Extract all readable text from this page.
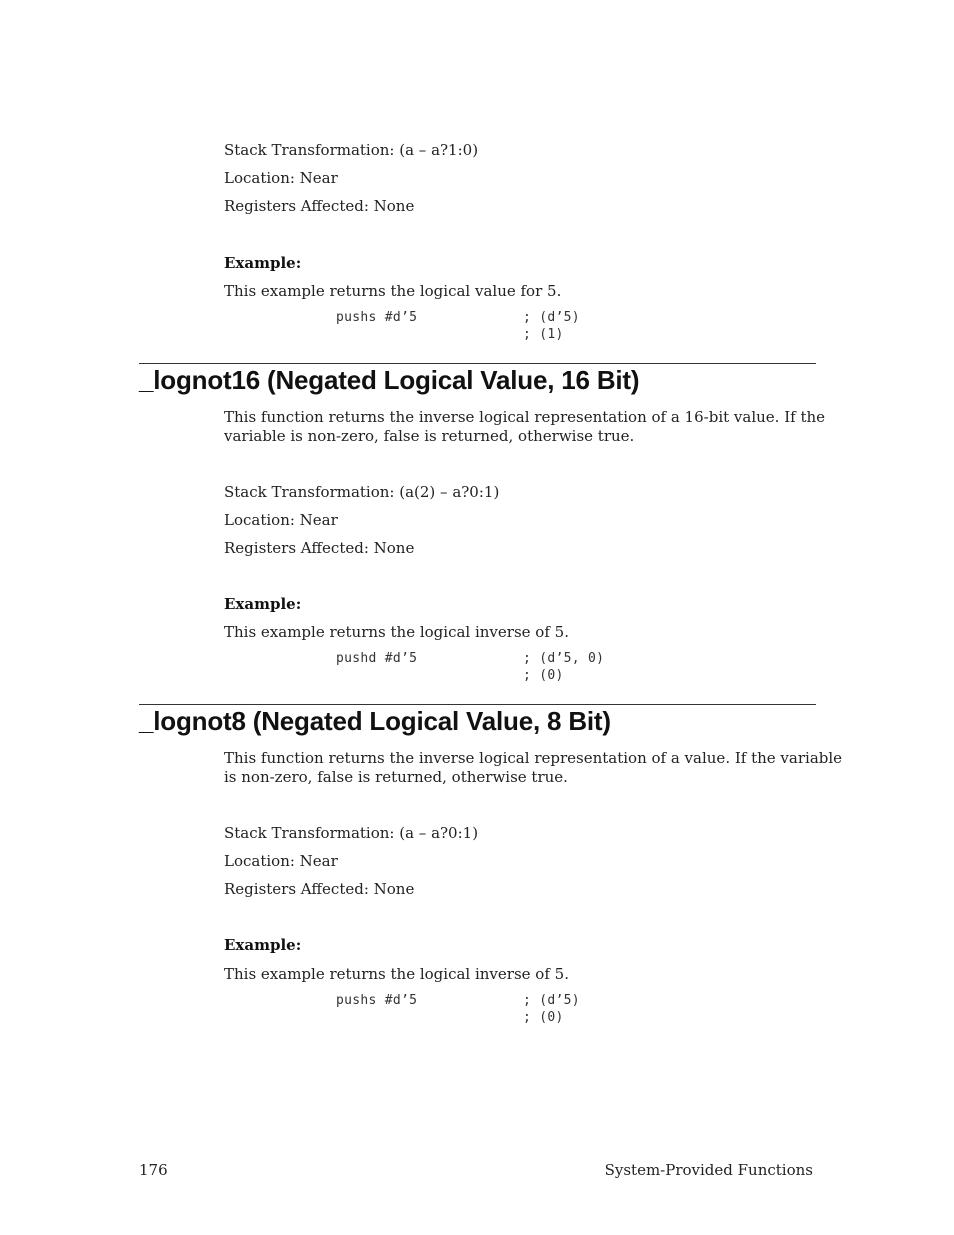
Stack Transformation: (a – a?1:0)
Location: Near
Registers Affected: None
Example:
This example returns the logical value for 5.
pushs #d’5	; (d’5)
; (1)
_lognot16 (Negated Logical Value, 16 Bit)
This function returns the inverse logical representation of a 16-bit value. If the
variable is non-zero, false is returned, otherwise true.
Stack Transformation: (a(2) – a?0:1)
Location: Near
Registers Affected: None
Example:
This example returns the logical inverse of 5.
pushd #d’5	; (d’5, 0)
; (0)
_lognot8 (Negated Logical Value, 8 Bit)
This function returns the inverse logical representation of a value. If the variable
is non-zero, false is returned, otherwise true.
Stack Transformation: (a – a?0:1)
Location: Near
Registers Affected: None
Example:
This example returns the logical inverse of 5.
pushs #d’5	; (d’5)
; (0)
176	System-Provided Functions
